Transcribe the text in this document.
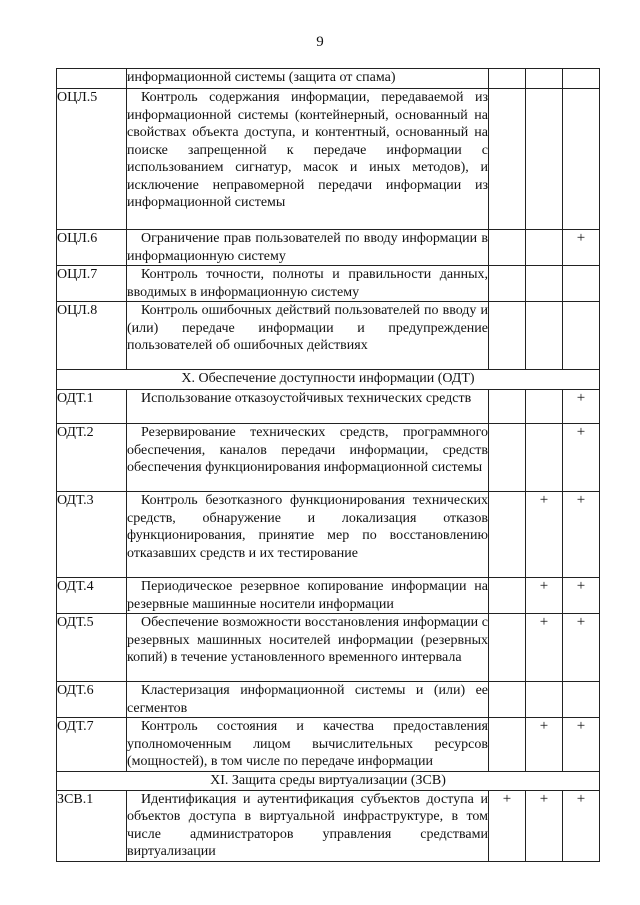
9
	информационной системы (защита от спама)			
ОЦЛ.5	Контроль содержания информации, передаваемой из информационной системы (контейнерный, основанный на свойствах объекта доступа, и контентный, основанный на поиске запрещенной к передаче информации с использованием сигнатур, масок и иных методов), и исключение неправомерной передачи информации из информационной системы			
ОЦЛ.6	Ограничение прав пользователей по вводу информации в информационную систему			+
ОЦЛ.7	Контроль точности, полноты и правильности данных, вводимых в информационную систему			
ОЦЛ.8	Контроль ошибочных действий пользователей по вводу и (или) передаче информации и предупреждение пользователей об ошибочных действиях			
X. Обеспечение доступности информации (ОДТ)				
ОДТ.1	Использование отказоустойчивых технических средств			+
ОДТ.2	Резервирование технических средств, программного обеспечения, каналов передачи информации, средств обеспечения функционирования информационной системы			+
ОДТ.3	Контроль безотказного функционирования технических средств, обнаружение и локализация отказов функционирования, принятие мер по восстановлению отказавших средств и их тестирование		+	+
ОДТ.4	Периодическое резервное копирование информации на резервные машинные носители информации		+	+
ОДТ.5	Обеспечение возможности восстановления информации с резервных машинных носителей информации (резервных копий) в течение установленного временного интервала		+	+
ОДТ.6	Кластеризация информационной системы и (или) ее сегментов			
ОДТ.7	Контроль состояния и качества предоставления уполномоченным лицом вычислительных ресурсов (мощностей), в том числе по передаче информации		+	+
XI. Защита среды виртуализации (ЗСВ)				
ЗСВ.1	Идентификация и аутентификация субъектов доступа и объектов доступа в виртуальной инфраструктуре, в том числе администраторов управления средствами виртуализации	+	+	+
